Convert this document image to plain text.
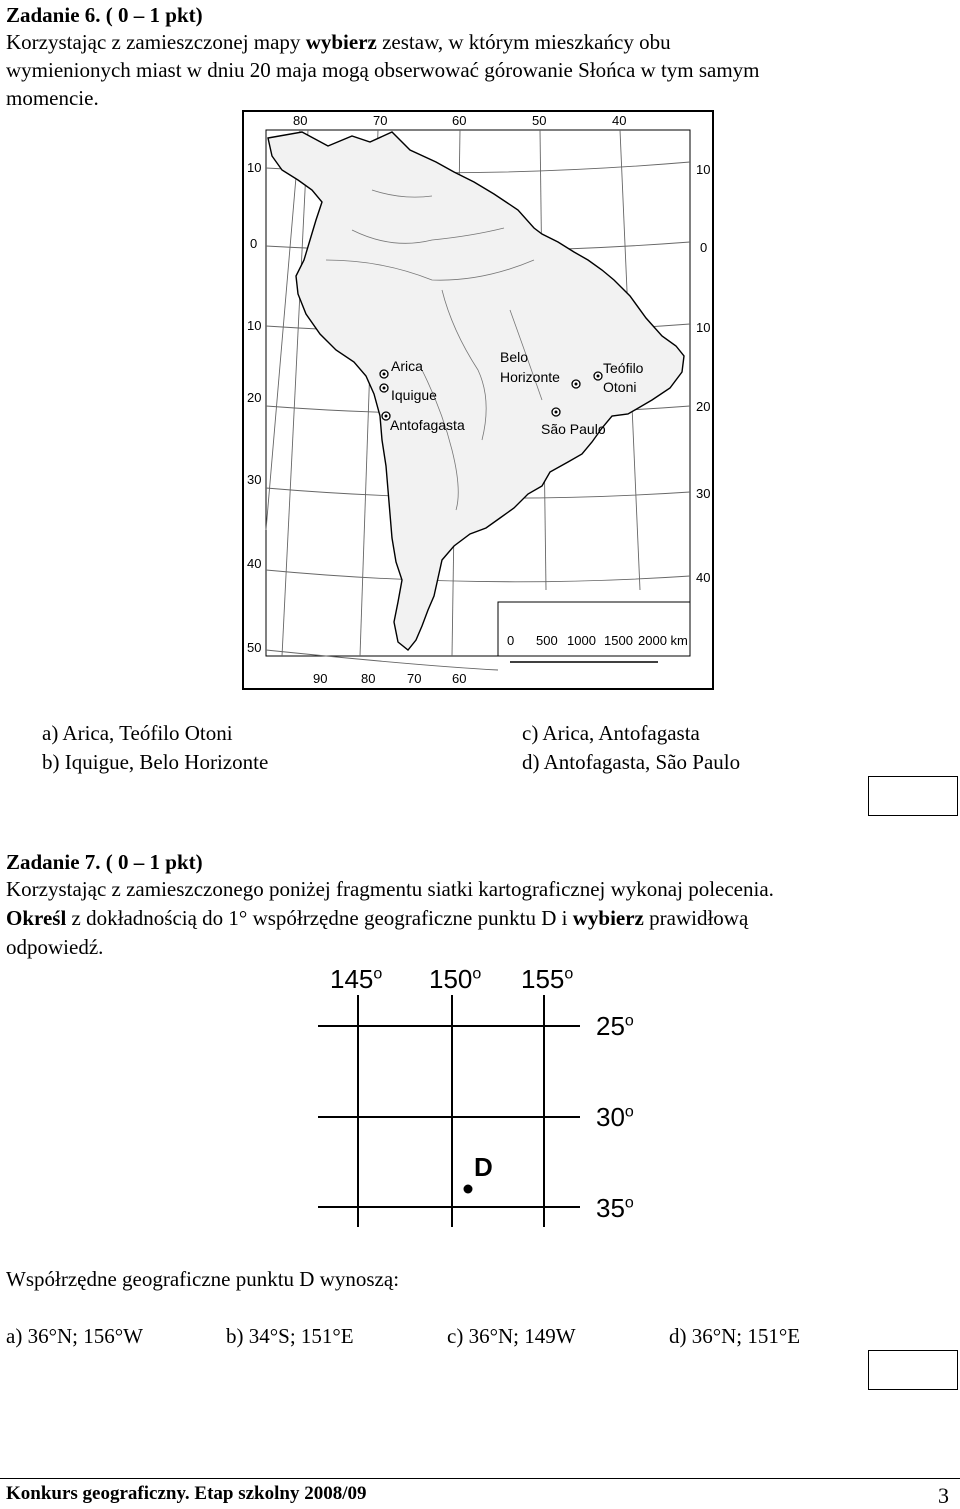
Zadanie 6. ( 0 – 1 pkt)
Korzystając z zamieszczonej mapy wybierz zestaw, w którym mieszkańcy obu
wymienionych miast w dniu 20 maja mogą obserwować górowanie Słońca w tym samym
momencie.
80	70	60	50	40
90	80 70 60
10
0
10
20
30
40
50
10
0
10
20
30
40
Arica
Iquigue
Antofagasta
Belo
Horizonte
Teófilo
Otoni
São Paulo
0 500 1000 1500 2000 km
a) Arica, Teófilo Otoni
b) Iquigue, Belo Horizonte
c) Arica, Antofagasta
d) Antofagasta, São Paulo
Zadanie 7. ( 0 – 1 pkt)
Korzystając z zamieszczonego poniżej fragmentu siatki kartograficznej wykonaj polecenia.
Określ z dokładnością do 1° współrzędne geograficzne punktu D i wybierz prawidłową
odpowiedź.
145$^o$ 150$^o$ 155$^o$
25$^o$
30$^o$
35$^o$
D
Współrzędne geograficzne punktu D wynoszą:
a) 36°N; 156°W	b) 34°S; 151°E	c) 36°N; 149W	d) 36°N; 151°E
Konkurs geograficzny. Etap szkolny 2008/09	3
